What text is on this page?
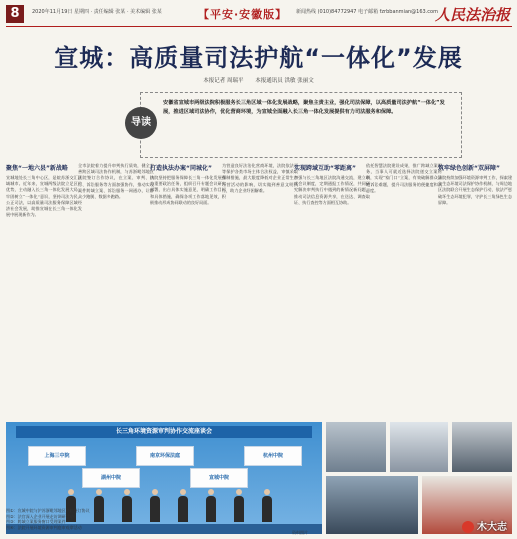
8	2020年11月19日 星期四 · 责任编辑 张某 · 美术编辑 张某	【平安·安徽版】 新闻热线 (010)84772947 电子邮箱 fzrbbanmian@163.com
人民法治报
宣城：高质量司法护航“一体化”发展
本报记者 周瑞平 本报通讯员 洪敏 张丽文
导读
安徽省宣城市两级法院积极服务长三角区域一体化发展战略，聚焦主责主业，强化司法保障，以高质量司法护航“一体化”发展，推进区域司法协作，优化营商环境，为宣城全面融入长三角一体化发展提供有力司法服务和保障。
聚焦“一地六县”新战略
宣城地处长三角中心区，是皖苏浙交汇区域城市。近年来，宣城两级法院立足区位优势，主动融入长三角一体化发展大局，牢固树立“一体化”意识，坚持司法为民、公正司法，以高质量司法服务保障区域经济社会发展，助推宣城在长三角一体化发展中展现新作为。
全市法院着力提升审判执行质效，健全完善跨区域司法协作机制，与苏浙毗邻地区法院签订合作协议，在立案、审判、执行、诉讼服务等方面加强协作，推动实现案件跨域立案、诉讼服务一网通办，让群众少跑腿、数据多跑路。
打造执法办案“同城化”
法院坚持把服务保障长三角一体化发展作为重要政治任务，组织召开专题会议研究部署，出台具体实施意见，明确工作目标和具体措施，确保各项工作落地见效，积极推动形成协同联动的良好局面。
为营造良好法治化营商环境，法院依法平等保护各类市场主体合法权益，审慎采取强制措施，最大限度降低对企业正常生产经营活动的影响，切实做到善意文明执行，助力企业纾困解难。
实现跨域互助“零距离”
加强与长三角地区法院沟通交流，建立联席会议制度，定期通报工作情况，共同研究解决审判执行中遇到的新情况新问题，推动司法信息资源共享，在送达、调查取证、执行查控等方面相互协助。
依托智慧法院建设成果，推广跨域立案服务，当事人可就近选择法院递交立案材料，实现“家门口”立案，有效破解群众异地诉讼难题，提升司法服务的便捷度和满意度。
筑牢绿色创新“双屏障”
法院持续加强环境资源审判工作，探索建立生态环境司法保护协作机制，与周边地区法院联合开展生态保护行动，依法严惩破坏生态环境犯罪，守护长三角绿色生态屏障。
长三角环境资源审判协作交流座谈会
上海三中院	南京环保法庭	杭州中院
湖州中院	宣城中院
图①：宣城中院与沪苏浙毗邻地区法院签订协议
图②：法官深入企业开展走访调研活动
图③：跨域立案服务窗口受理案件
图④：法院开展环境资源审判庭审观摩活动
资料图片	木大志
